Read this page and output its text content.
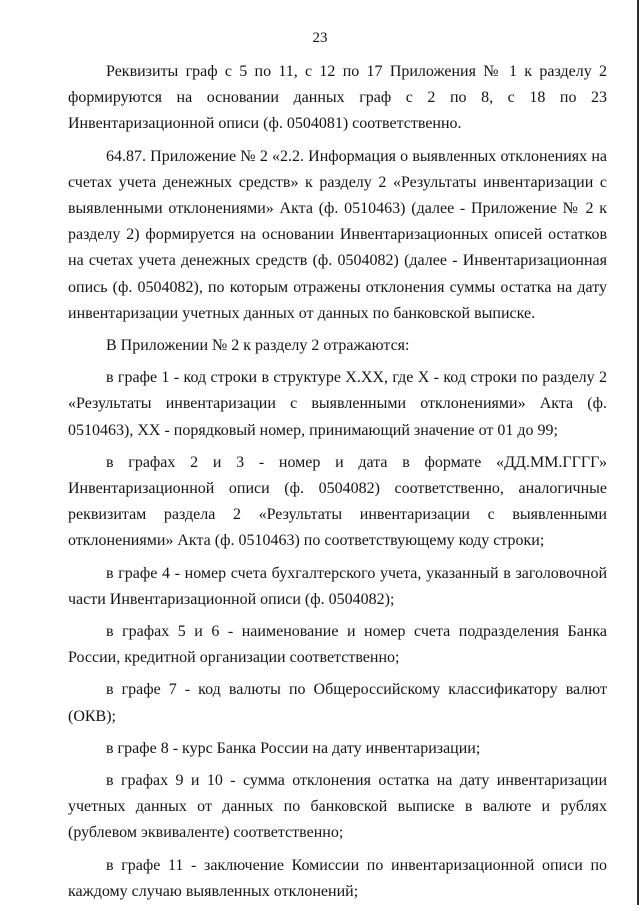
23

Реквизиты граф с 5 по 11, с 12 по 17 Приложения № 1 к разделу 2 формируются на основании данных граф с 2 по 8, с 18 по 23 Инвентаризационной описи (ф. 0504081) соответственно.

64.87. Приложение № 2 «2.2. Информация о выявленных отклонениях на счетах учета денежных средств» к разделу 2 «Результаты инвентаризации с выявленными отклонениями» Акта (ф. 0510463) (далее - Приложение № 2 к разделу 2) формируется на основании Инвентаризационных описей остатков на счетах учета денежных средств (ф. 0504082) (далее - Инвентаризационная опись (ф. 0504082), по которым отражены отклонения суммы остатка на дату инвентаризации учетных данных от данных по банковской выписке.

В Приложении № 2 к разделу 2 отражаются:

в графе 1 - код строки в структуре Х.ХХ, где Х - код строки по разделу 2 «Результаты инвентаризации с выявленными отклонениями» Акта (ф. 0510463), ХХ - порядковый номер, принимающий значение от 01 до 99;

в графах 2 и 3 - номер и дата в формате «ДД.ММ.ГГГГ» Инвентаризационной описи (ф. 0504082) соответственно, аналогичные реквизитам раздела 2 «Результаты инвентаризации с выявленными отклонениями» Акта (ф. 0510463) по соответствующему коду строки;

в графе 4 - номер счета бухгалтерского учета, указанный в заголовочной части Инвентаризационной описи (ф. 0504082);

в графах 5 и 6 - наименование и номер счета подразделения Банка России, кредитной организации соответственно;

в графе 7 - код валюты по Общероссийскому классификатору валют (ОКВ);

в графе 8 - курс Банка России на дату инвентаризации;

в графах 9 и 10 - сумма отклонения остатка на дату инвентаризации учетных данных от данных по банковской выписке в валюте и рублях (рублевом эквиваленте) соответственно;

в графе 11 - заключение Комиссии по инвентаризационной описи по каждому случаю выявленных отклонений;
